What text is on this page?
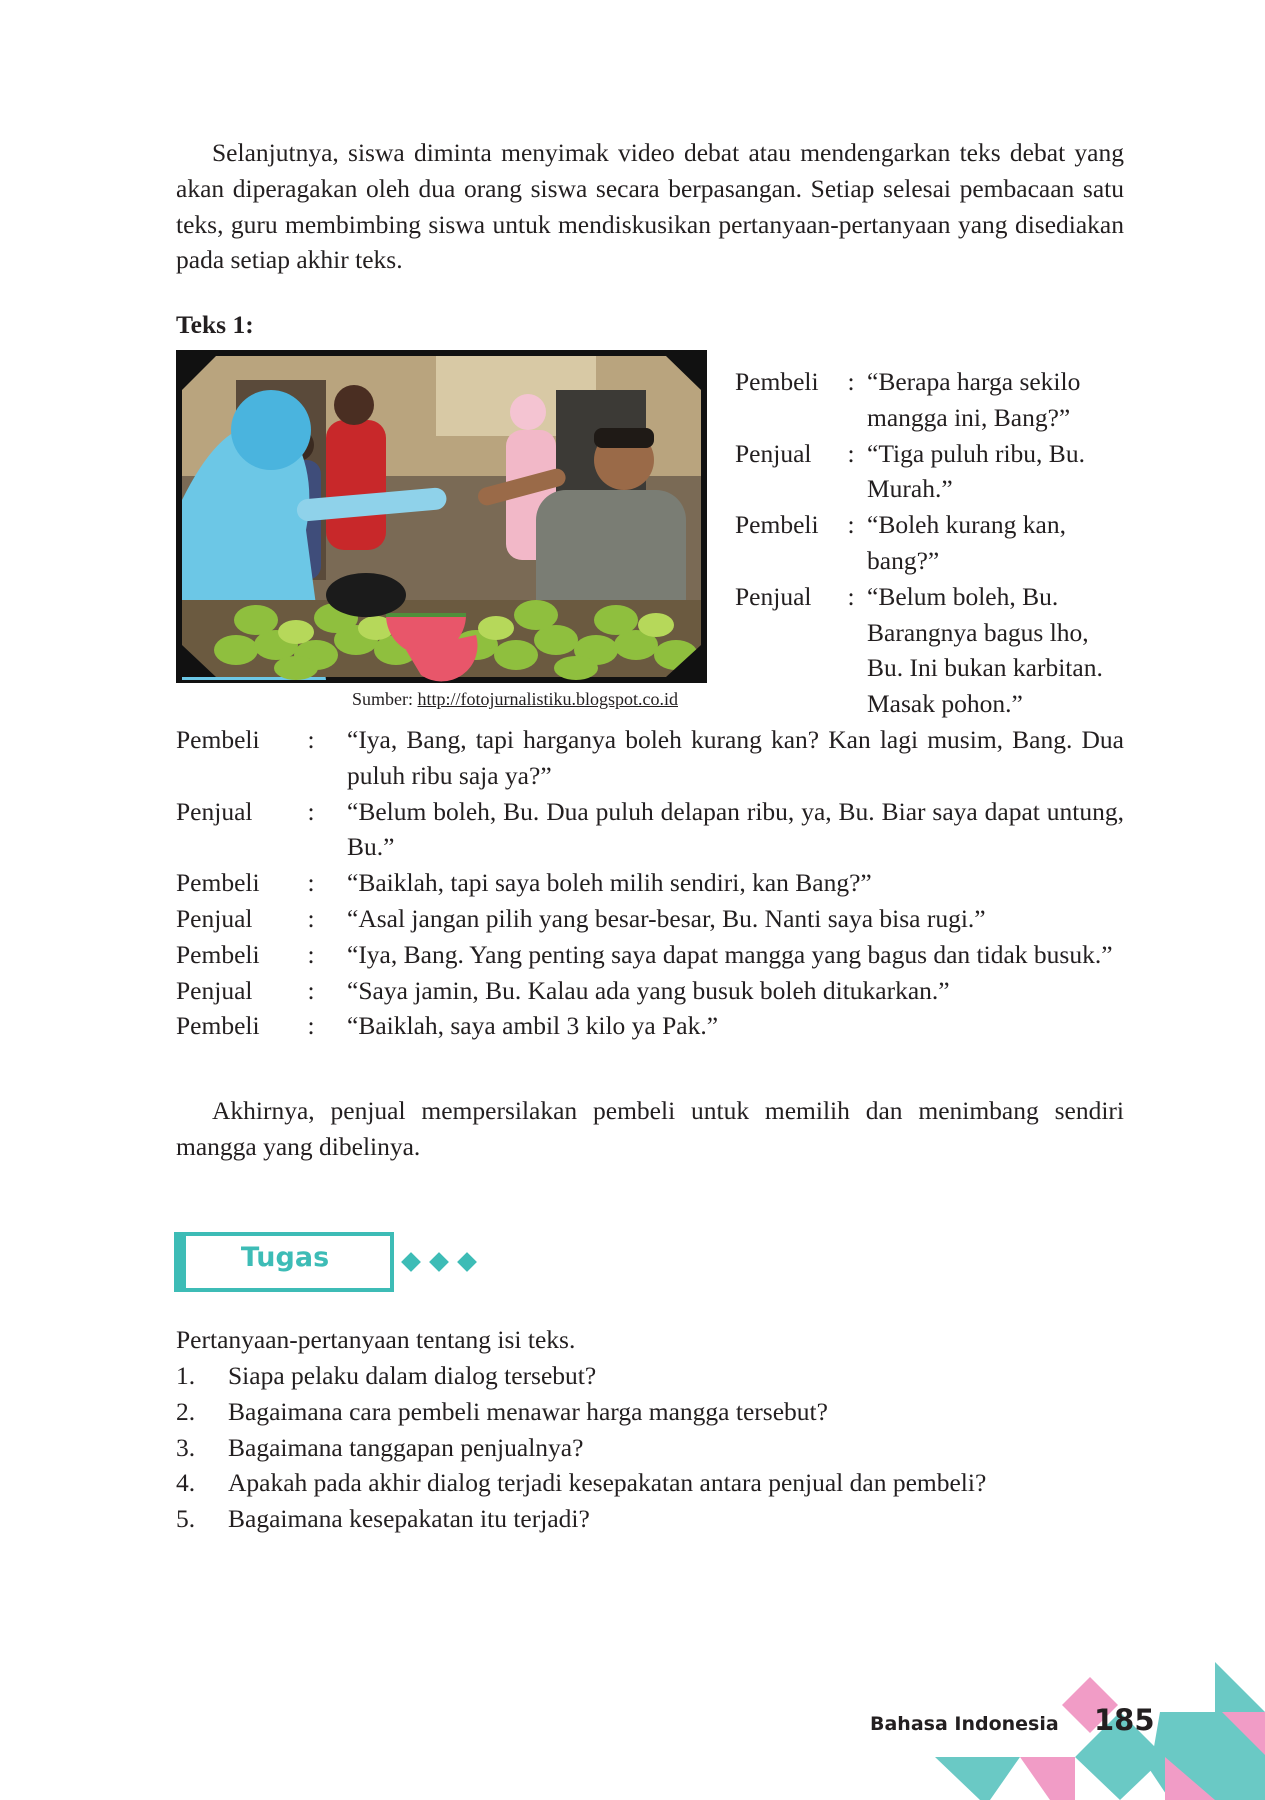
Selanjutnya, siswa diminta menyimak video debat atau mendengarkan teks debat yang akan diperagakan oleh dua orang siswa secara berpasangan. Setiap selesai pembacaan satu teks, guru membimbing siswa untuk mendiskusikan pertanyaan-pertanyaan yang disediakan pada setiap akhir teks.

Teks 1:

Sumber: http://fotojurnalistiku.blogspot.co.id
Pembeli	: “Berapa harga sekilo
mangga ini, Bang?”
Penjual	: “Tiga puluh ribu, Bu.
Murah.”
Pembeli	: “Boleh kurang kan,
bang?”
Penjual	: “Belum boleh, Bu.
Barangnya bagus lho,
Bu. Ini bukan karbitan.
Masak pohon.”
Pembeli	:	“Iya, Bang, tapi harganya boleh kurang kan? Kan lagi musim, Bang. Dua puluh ribu saja ya?”
Penjual	:	“Belum boleh, Bu. Dua puluh delapan ribu, ya, Bu. Biar saya dapat untung, Bu.”
Pembeli	:	“Baiklah, tapi saya boleh milih sendiri, kan Bang?”
Penjual	:	“Asal jangan pilih yang besar-besar, Bu. Nanti saya bisa rugi.”
Pembeli	:	“Iya, Bang. Yang penting saya dapat mangga yang bagus dan tidak busuk.”
Penjual	:	“Saya jamin, Bu. Kalau ada yang busuk boleh ditukarkan.”
Pembeli	:	“Baiklah, saya ambil 3 kilo ya Pak.”

Akhirnya, penjual mempersilakan pembeli untuk memilih dan menimbang sendiri mangga yang dibelinya.

Tugas

Pertanyaan-pertanyaan tentang isi teks.

1.	Siapa pelaku dalam dialog tersebut?
2.	Bagaimana cara pembeli menawar harga mangga tersebut?
3.	Bagaimana tanggapan penjualnya?
4.	Apakah pada akhir dialog terjadi kesepakatan antara penjual dan pembeli?
5.	Bagaimana kesepakatan itu terjadi?
Bahasa Indonesia 185
